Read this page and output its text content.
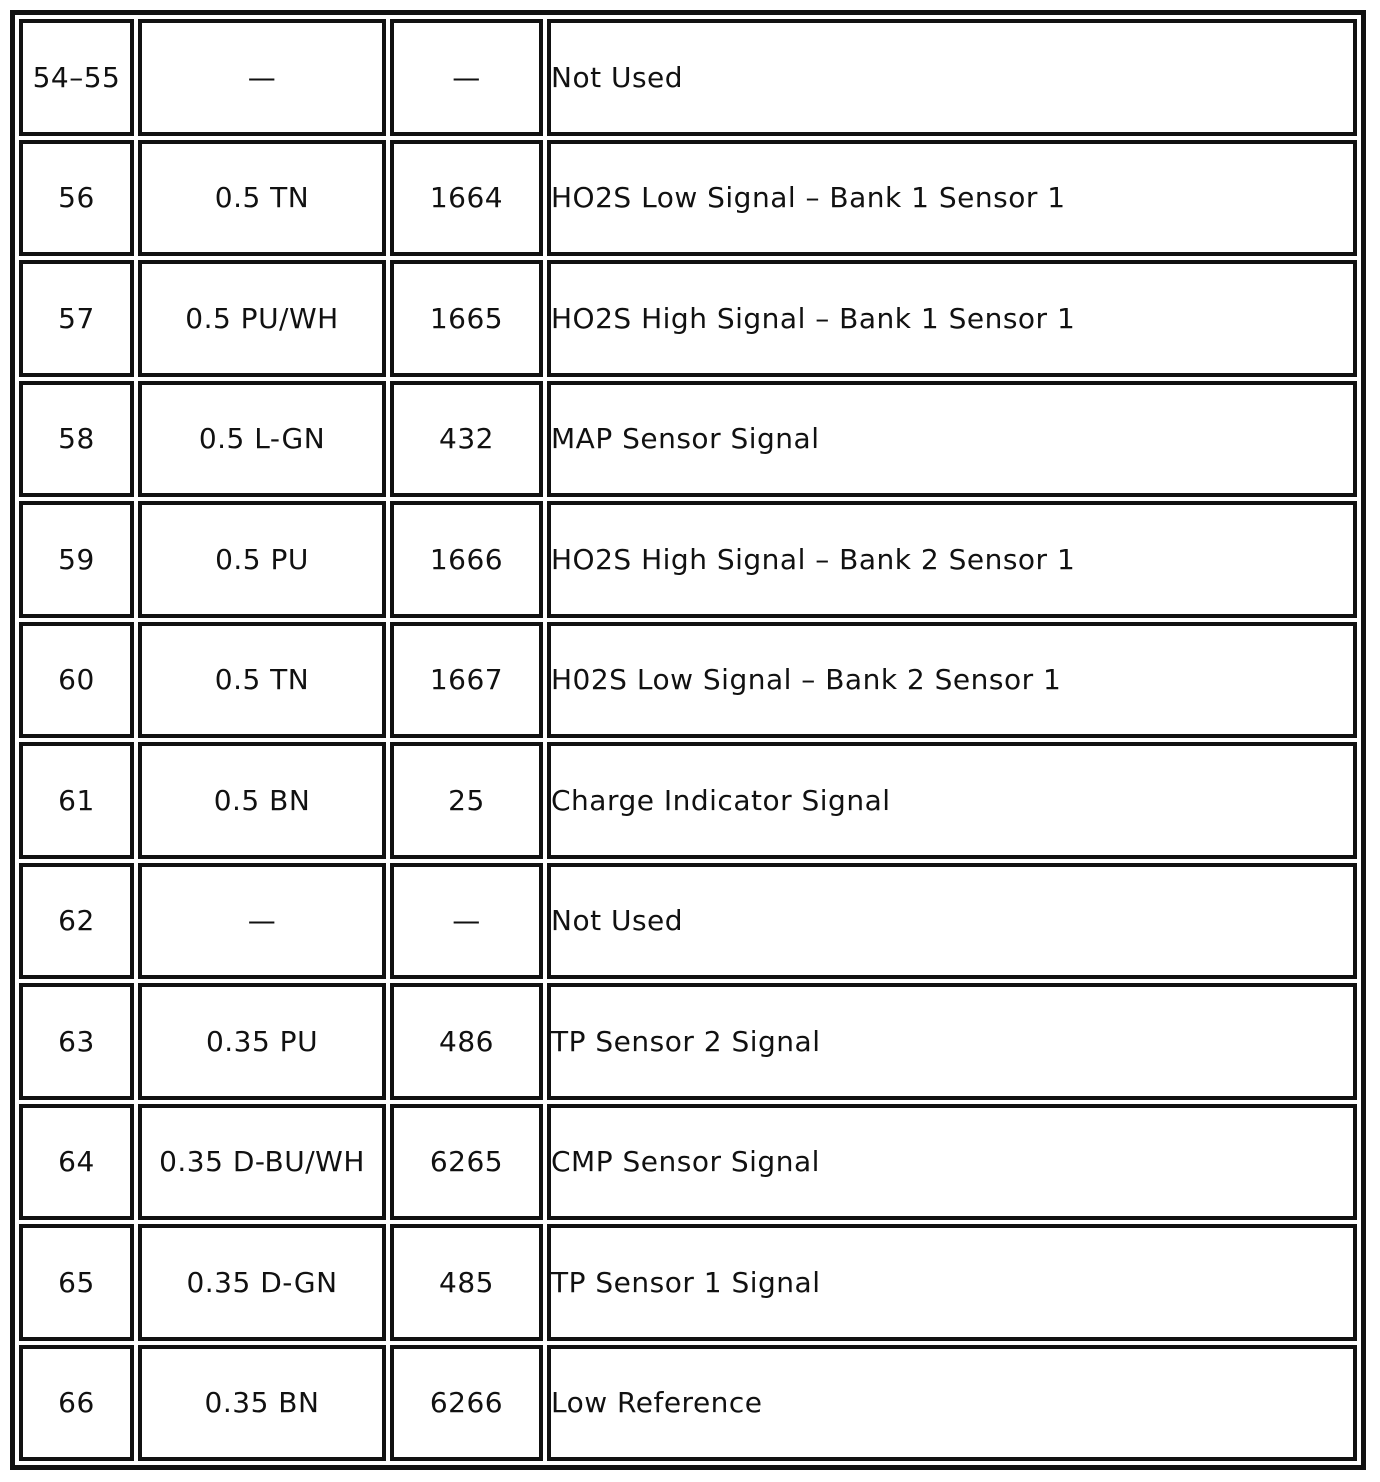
54–55	—	—	Not Used
56	0.5 TN	1664	HO2S Low Signal – Bank 1 Sensor 1
57	0.5 PU/WH	1665	HO2S High Signal – Bank 1 Sensor 1
58	0.5 L-GN	432	MAP Sensor Signal
59	0.5 PU	1666	HO2S High Signal – Bank 2 Sensor 1
60	0.5 TN	1667	H02S Low Signal – Bank 2 Sensor 1
61	0.5 BN	25	Charge Indicator Signal
62	—	—	Not Used
63	0.35 PU	486	TP Sensor 2 Signal
64	0.35 D-BU/WH	6265	CMP Sensor Signal
65	0.35 D-GN	485	TP Sensor 1 Signal
66	0.35 BN	6266	Low Reference
